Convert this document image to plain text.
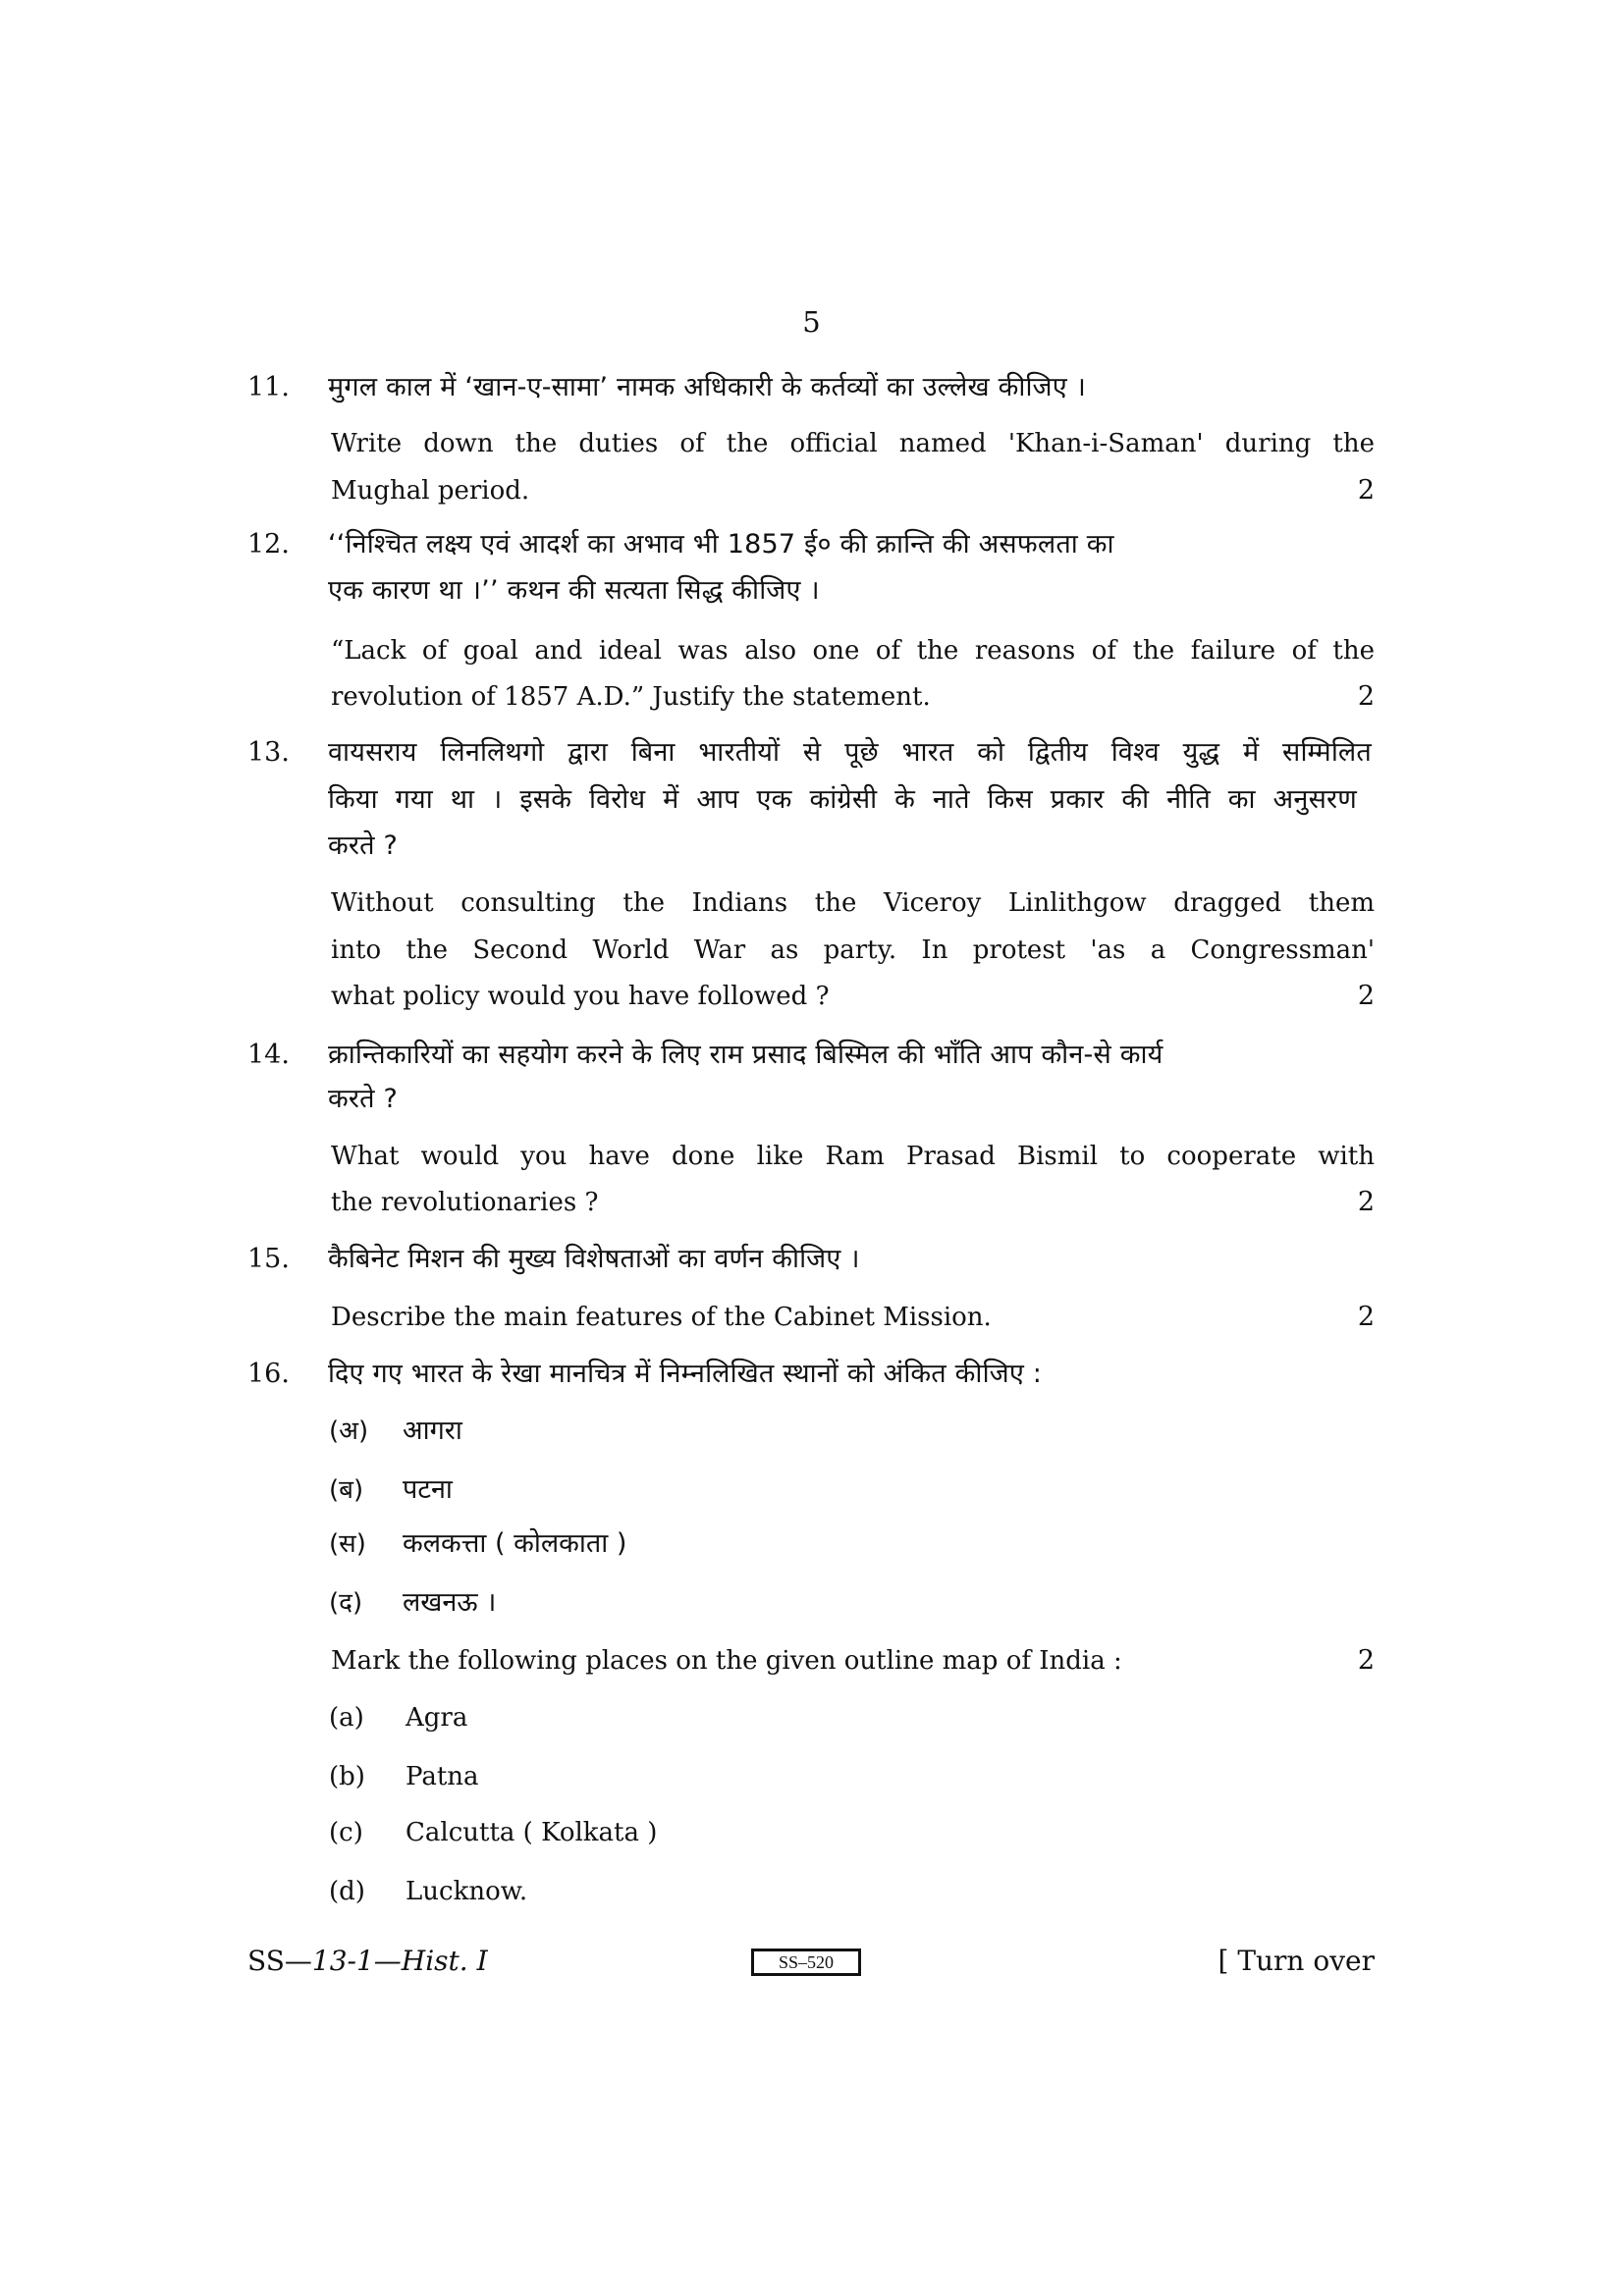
5
11. मुगल काल में ‘खान-ए-सामा’ नामक अधिकारी के कर्तव्यों का उल्लेख कीजिए ।
Write down the duties of the official named 'Khan-i-Saman' during the
Mughal period.	2
12. ‘‘निश्चित लक्ष्य एवं आदर्श का अभाव भी 1857 ई० की क्रान्ति की असफलता का
एक कारण था ।’’ कथन की सत्यता सिद्ध कीजिए ।
“Lack of goal and ideal was also one of the reasons of the failure of the
revolution of 1857 A.D.” Justify the statement.	2
13. वायसराय लिनलिथगो द्वारा बिना भारतीयों से पूछे भारत को द्वितीय विश्व युद्ध में सम्मिलित
किया गया था । इसके विरोध में आप एक कांग्रेसी के नाते किस प्रकार की नीति का अनुसरण
करते ?
Without consulting the Indians the Viceroy Linlithgow dragged them
into the Second World War as party. In protest 'as a Congressman'
what policy would you have followed ?	2
14. क्रान्तिकारियों का सहयोग करने के लिए राम प्रसाद बिस्मिल की भाँति आप कौन-से कार्य
करते ?
What would you have done like Ram Prasad Bismil to cooperate with
the revolutionaries ?	2
15. कैबिनेट मिशन की मुख्य विशेषताओं का वर्णन कीजिए ।
Describe the main features of the Cabinet Mission.	2
16. दिए गए भारत के रेखा मानचित्र में निम्नलिखित स्थानों को अंकित कीजिए :
(अ) आगरा
(ब) पटना
(स) कलकत्ता ( कोलकाता )
(द) लखनऊ ।
Mark the following places on the given outline map of India :	2
(a) Agra
(b) Patna
(c) Calcutta ( Kolkata )
(d) Lucknow.
SS—13-1—Hist. I	SS–520	[ Turn over
